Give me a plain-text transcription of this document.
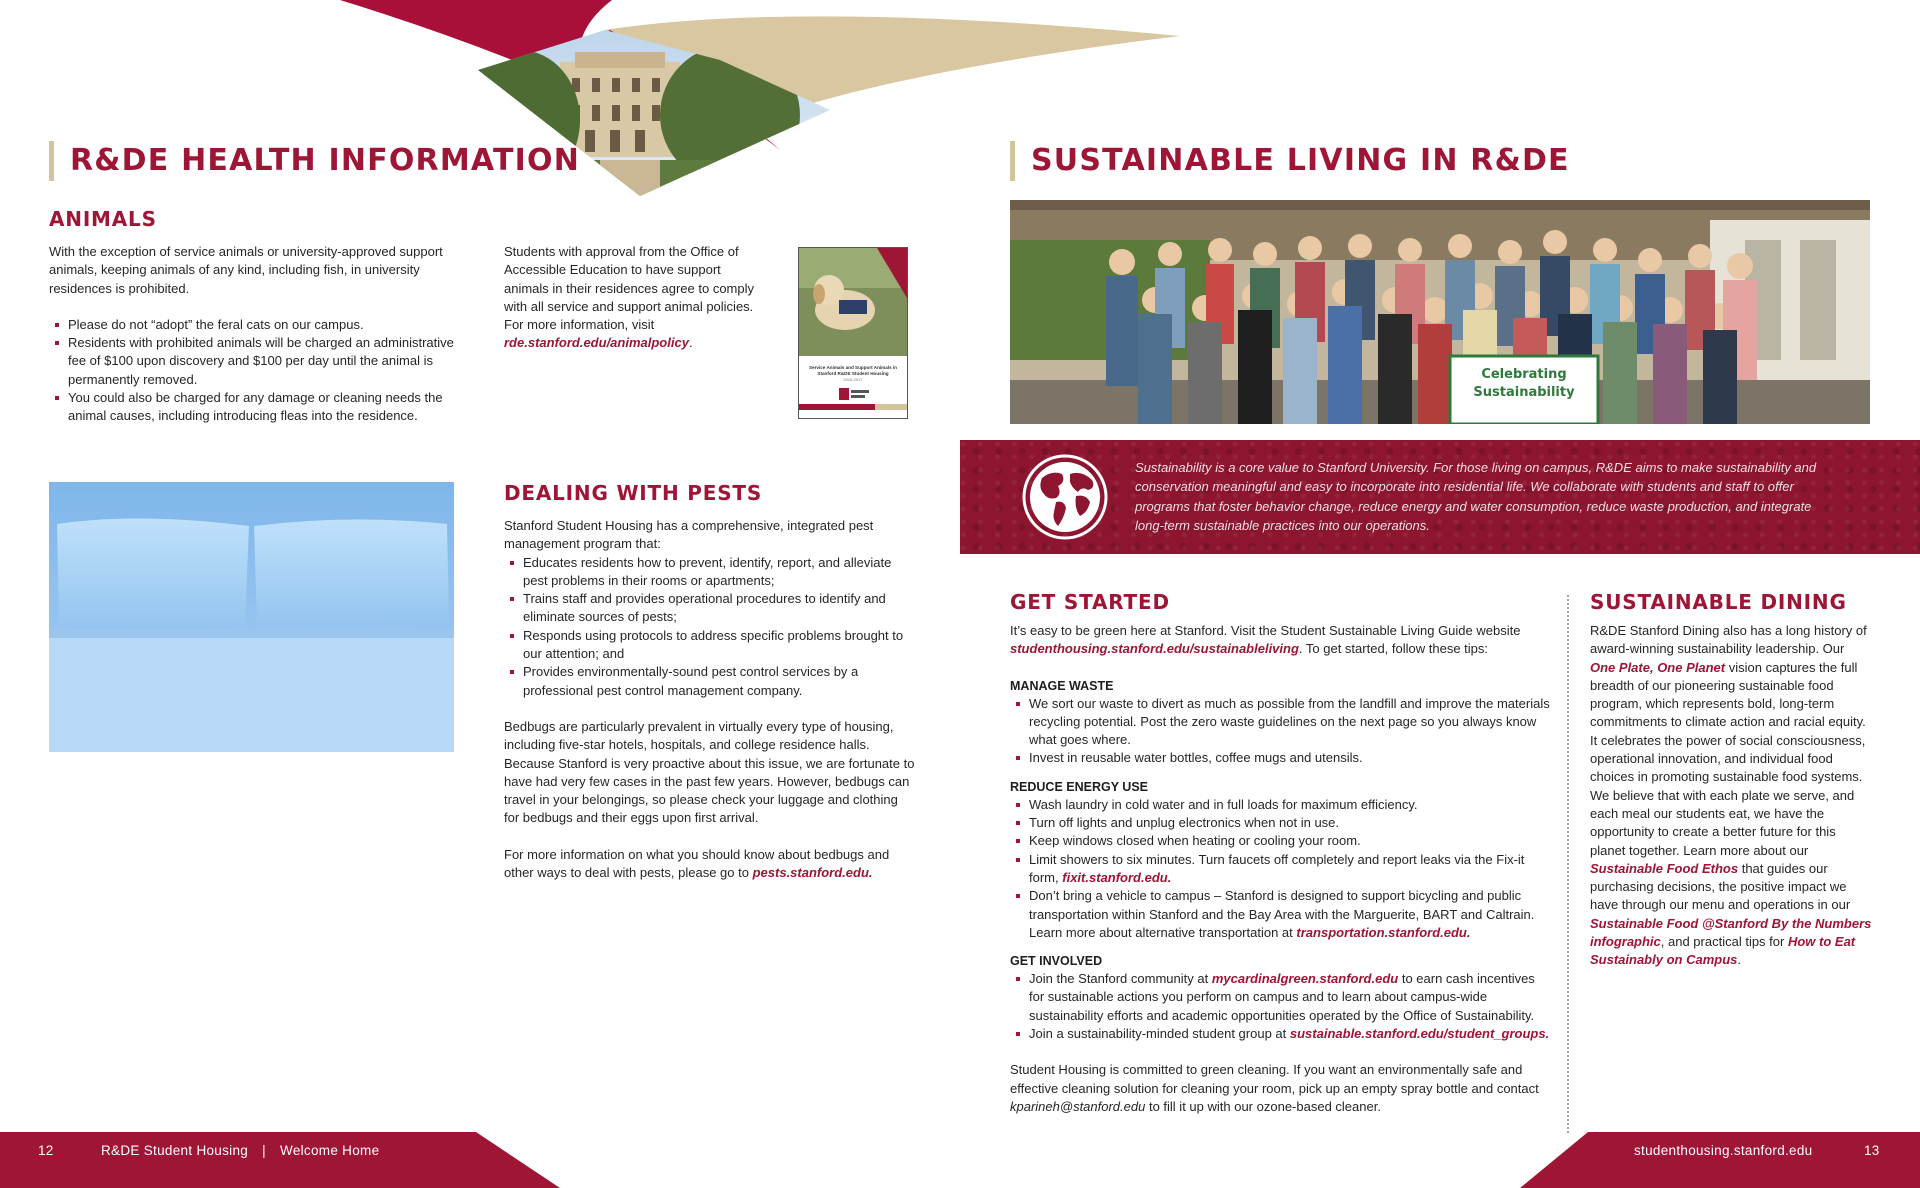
R&DE HEALTH INFORMATION
ANIMALS

With the exception of service animals or university-approved support animals, keeping animals of any kind, including fish, in university residences is prohibited.

Please do not “adopt” the feral cats on our campus.
Residents with prohibited animals will be charged an administrative fee of $100 upon discovery and $100 per day until the animal is permanently removed.
You could also be charged for any damage or cleaning needs the animal causes, including introducing fleas into the residence.

Students with approval from the Office of Accessible Education to have support animals in their residences agree to comply with all service and support animal policies. For more information, visit rde.stanford.edu/animalpolicy.

Service Animals and Support Animals in Stanford R&DE Student Housing
2016-2017
DEALING WITH PESTS

Stanford Student Housing has a comprehensive, integrated pest management program that:

Educates residents how to prevent, identify, report, and alleviate pest problems in their rooms or apartments;
Trains staff and provides operational procedures to identify and eliminate sources of pests;
Responds using protocols to address specific problems brought to our attention; and
Provides environmentally-sound pest control services by a professional pest control management company.

Bedbugs are particularly prevalent in virtually every type of housing, including five-star hotels, hospitals, and college residence halls. Because Stanford is very proactive about this issue, we are fortunate to have had very few cases in the past few years. However, bedbugs can travel in your belongings, so please check your luggage and clothing for bedbugs and their eggs upon first arrival.

For more information on what you should know about bedbugs and other ways to deal with pests, please go to pests.stanford.edu.

SUSTAINABLE LIVING IN R&DE
Celebrating
Sustainability
Sustainability is a core value to Stanford University. For those living on campus, R&DE aims to make sustainability and conservation meaningful and easy to incorporate into residential life. We collaborate with students and staff to offer programs that foster behavior change, reduce energy and water consumption, reduce waste production, and integrate long-term sustainable practices into our operations.
GET STARTED

It’s easy to be green here at Stanford. Visit the Student Sustainable Living Guide website studenthousing.stanford.edu/sustainableliving. To get started, follow these tips:

MANAGE WASTE
We sort our waste to divert as much as possible from the landfill and improve the materials recycling potential. Post the zero waste guidelines on the next page so you always know what goes where.
Invest in reusable water bottles, coffee mugs and utensils.
REDUCE ENERGY USE
Wash laundry in cold water and in full loads for maximum efficiency.
Turn off lights and unplug electronics when not in use.
Keep windows closed when heating or cooling your room.
Limit showers to six minutes. Turn faucets off completely and report leaks via the Fix-it form, fixit.stanford.edu.
Don’t bring a vehicle to campus – Stanford is designed to support bicycling and public transportation within Stanford and the Bay Area with the Marguerite, BART and Caltrain. Learn more about alternative transportation at transportation.stanford.edu.
GET INVOLVED
Join the Stanford community at mycardinalgreen.stanford.edu to earn cash incentives for sustainable actions you perform on campus and to learn about campus-wide sustainability efforts and academic opportunities operated by the Office of Sustainability.
Join a sustainability-minded student group at sustainable.stanford.edu/student_groups.

Student Housing is committed to green cleaning. If you want an environmentally safe and effective cleaning solution for cleaning your room, pick up an empty spray bottle and contact kparineh@stanford.edu to fill it up with our ozone-based cleaner.

SUSTAINABLE DINING

R&DE Stanford Dining also has a long history of award-winning sustainability leadership. Our One Plate, One Planet vision captures the full breadth of our pioneering sustainable food program, which represents bold, long-term commitments to climate action and racial equity. It celebrates the power of social consciousness, operational innovation, and individual food choices in promoting sustainable food systems. We believe that with each plate we serve, and each meal our students eat, we have the opportunity to create a better future for this planet together. Learn more about our Sustainable Food Ethos that guides our purchasing decisions, the positive impact we have through our menu and operations in our Sustainable Food @Stanford By the Numbers infographic, and practical tips for How to Eat Sustainably on Campus.

12	R&DE Student Housing | Welcome Home	studenthousing.stanford.edu	13
